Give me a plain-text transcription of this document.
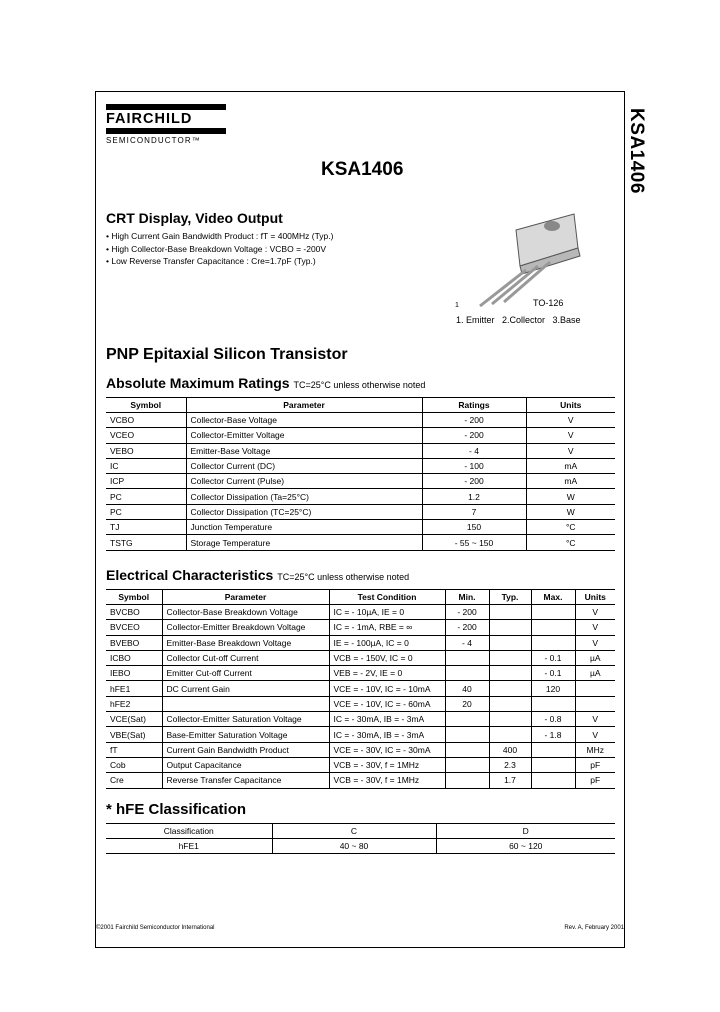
KSA1406
FAIRCHILD
SEMICONDUCTOR™
KSA1406
CRT Display, Video Output
• High Current Gain Bandwidth Product : fT = 400MHz (Typ.)
• High Collector-Base Breakdown Voltage : VCBO = -200V
• Low Reverse Transfer Capacitance : Cre=1.7pF (Typ.)
1	TO-126
1. Emitter   2.Collector   3.Base
PNP Epitaxial Silicon Transistor
Absolute Maximum Ratings TC=25°C unless otherwise noted
Symbol	Parameter	Ratings	Units
VCBO	Collector-Base Voltage	- 200	V
VCEO	Collector-Emitter Voltage	- 200	V
VEBO	Emitter-Base Voltage	- 4	V
IC	Collector Current (DC)	- 100	mA
ICP	Collector Current (Pulse)	- 200	mA
PC	Collector Dissipation (Ta=25°C)	1.2	W
PC	Collector Dissipation (TC=25°C)	7	W
TJ	Junction Temperature	150	°C
TSTG	Storage Temperature	- 55 ~ 150	°C
Electrical Characteristics TC=25°C unless otherwise noted
Symbol	Parameter	Test Condition	Min.	Typ.	Max.	Units
BVCBO	Collector-Base Breakdown Voltage	IC = - 10µA, IE = 0	- 200			V
BVCEO	Collector-Emitter Breakdown Voltage	IC = - 1mA, RBE = ∞	- 200			V
BVEBO	Emitter-Base Breakdown Voltage	IE = - 100µA, IC = 0	- 4			V
ICBO	Collector Cut-off Current	VCB = - 150V, IC = 0			- 0.1	µA
IEBO	Emitter Cut-off Current	VEB = - 2V, IE = 0			- 0.1	µA
hFE1	DC Current Gain	VCE = - 10V, IC = - 10mA	40		120	
hFE2		VCE = - 10V, IC = - 60mA	20			
VCE(Sat)	Collector-Emitter Saturation Voltage	IC = - 30mA, IB = - 3mA			- 0.8	V
VBE(Sat)	Base-Emitter Saturation Voltage	IC = - 30mA, IB = - 3mA			- 1.8	V
fT	Current Gain Bandwidth Product	VCE = - 30V, IC = - 30mA		400		MHz
Cob	Output Capacitance	VCB = - 30V, f = 1MHz		2.3		pF
Cre	Reverse Transfer Capacitance	VCB = - 30V, f = 1MHz		1.7		pF
* hFE Classification
Classification	C	D
hFE1	40 ~ 80	60 ~ 120
©2001 Fairchild Semiconductor International	Rev. A, February 2001
